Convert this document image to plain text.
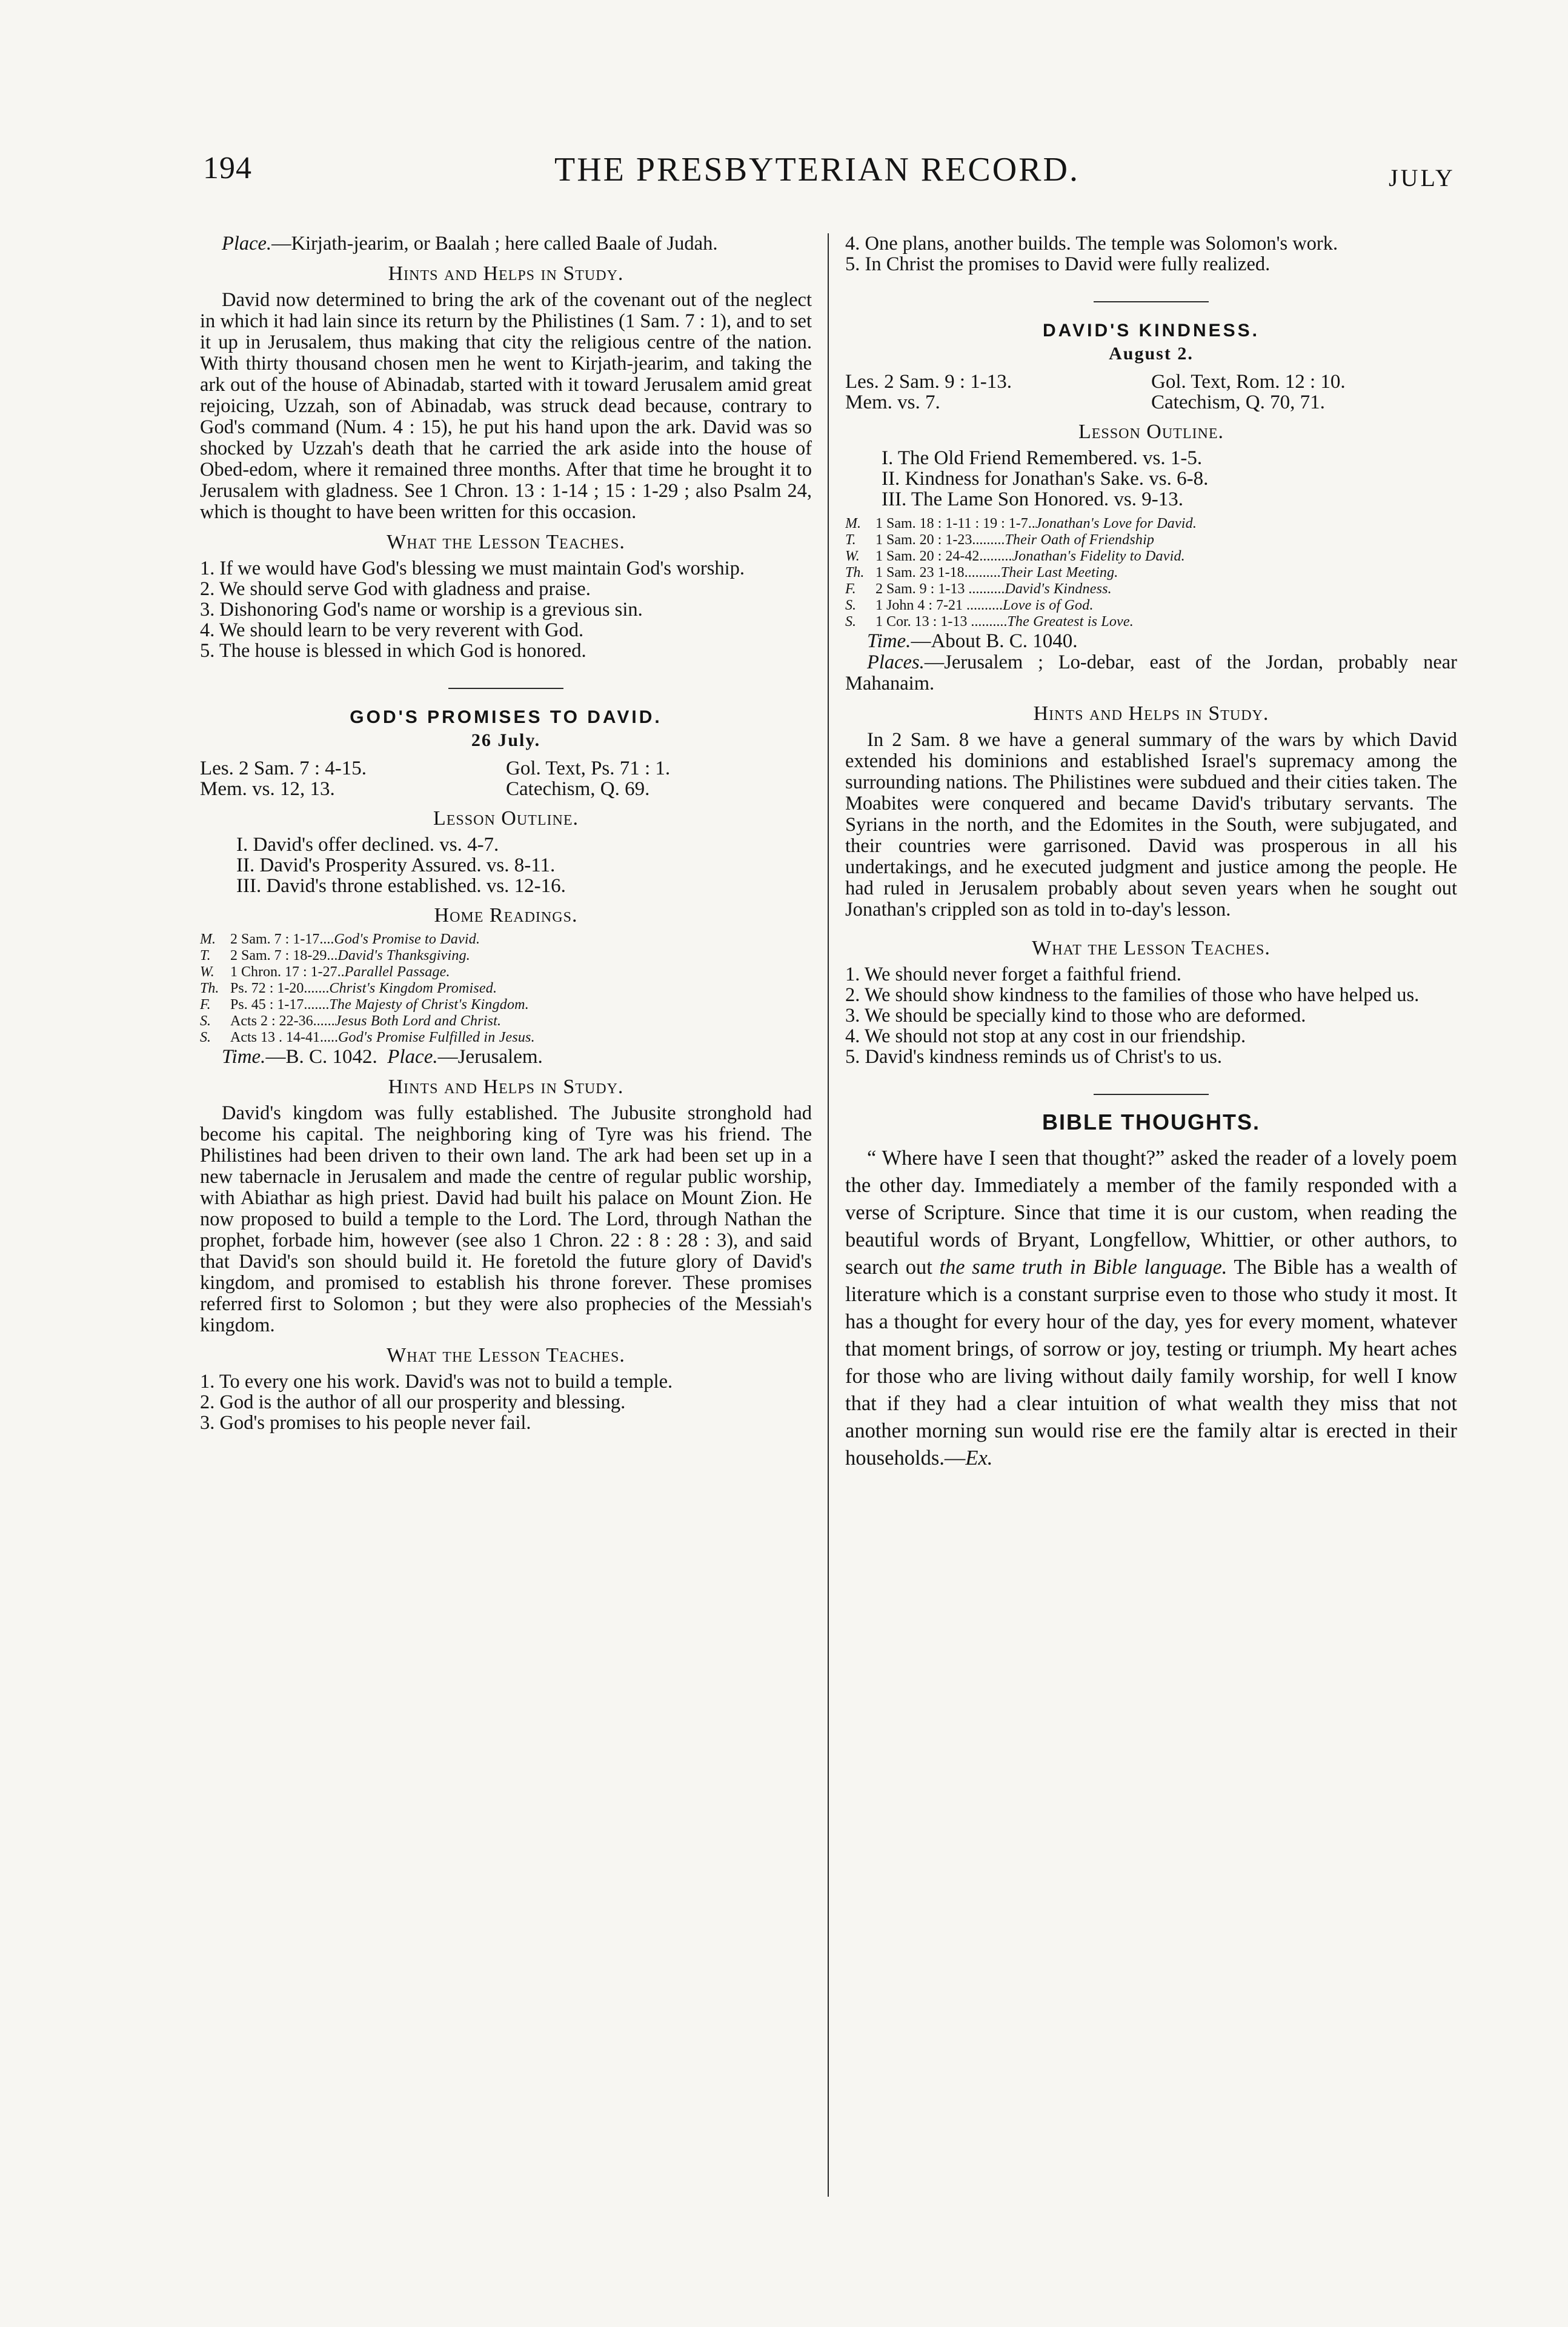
194	THE PRESBYTERIAN RECORD.	JULY

Place.—Kirjath-jearim, or Baalah ; here called Baale of Judah.

Hints and Helps in Study.

David now determined to bring the ark of the covenant out of the neglect in which it had lain since its return by the Philistines (1 Sam. 7 : 1), and to set it up in Jerusalem, thus making that city the religious centre of the nation. With thirty thousand chosen men he went to Kirjath-jearim, and taking the ark out of the house of Abinadab, started with it toward Jerusalem amid great rejoicing, Uzzah, son of Abinadab, was struck dead because, contrary to God's command (Num. 4 : 15), he put his hand upon the ark. David was so shocked by Uzzah's death that he carried the ark aside into the house of Obed-edom, where it remained three months. After that time he brought it to Jerusalem with gladness. See 1 Chron. 13 : 1-14 ; 15 : 1-29 ; also Psalm 24, which is thought to have been written for this occasion.

What the Lesson Teaches.

1. If we would have God's blessing we must maintain God's worship.

2. We should serve God with gladness and praise.

3. Dishonoring God's name or worship is a grevious sin.

4. We should learn to be very reverent with God.

5. The house is blessed in which God is honored.

GOD'S PROMISES TO DAVID.
26 July.
Les. 2 Sam. 7 : 4-15.	Gol. Text, Ps. 71 : 1.
Mem. vs. 12, 13.	Catechism, Q. 69.
Lesson Outline.

I. David's offer declined. vs. 4-7.

II. David's Prosperity Assured. vs. 8-11.

III. David's throne established. vs. 12-16.

Home Readings.
M.	2 Sam. 7 : 1-17....God's Promise to David.
T.	2 Sam. 7 : 18-29...David's Thanksgiving.
W.	1 Chron. 17 : 1-27..Parallel Passage.
Th. Ps. 72 : 1-20.......Christ's Kingdom Promised.
F.	Ps. 45 : 1-17.......The Majesty of Christ's Kingdom.
S.	Acts 2 : 22-36......Jesus Both Lord and Christ.
S.	Acts 13 . 14-41.....God's Promise Fulfilled in Jesus.

Time.—B. C. 1042. Place.—Jerusalem.

Hints and Helps in Study.

David's kingdom was fully established. The Jubusite stronghold had become his capital. The neighboring king of Tyre was his friend. The Philistines had been driven to their own land. The ark had been set up in a new tabernacle in Jerusalem and made the centre of regular public worship, with Abiathar as high priest. David had built his palace on Mount Zion. He now proposed to build a temple to the Lord. The Lord, through Nathan the prophet, forbade him, however (see also 1 Chron. 22 : 8 : 28 : 3), and said that David's son should build it. He foretold the future glory of David's kingdom, and promised to establish his throne forever. These promises referred first to Solomon ; but they were also prophecies of the Messiah's kingdom.

What the Lesson Teaches.

1. To every one his work. David's was not to build a temple.

2. God is the author of all our prosperity and blessing.

3. God's promises to his people never fail.

4. One plans, another builds. The temple was Solomon's work.

5. In Christ the promises to David were fully realized.

DAVID'S KINDNESS.
August 2.
Les. 2 Sam. 9 : 1-13.	Gol. Text, Rom. 12 : 10.
Mem. vs. 7.	Catechism, Q. 70, 71.
Lesson Outline.

I. The Old Friend Remembered. vs. 1-5.

II. Kindness for Jonathan's Sake. vs. 6-8.

III. The Lame Son Honored. vs. 9-13.

M.	1 Sam. 18 : 1-11 : 19 : 1-7..Jonathan's Love for David.
T.	1 Sam. 20 : 1-23.........Their Oath of Friendship
W.	1 Sam. 20 : 24-42.........Jonathan's Fidelity to David.
Th. 1 Sam. 23 1-18..........Their Last Meeting.
F.	2 Sam. 9 : 1-13 ..........David's Kindness.
S.	1 John 4 : 7-21 ..........Love is of God.
S.	1 Cor. 13 : 1-13 ..........The Greatest is Love.

Time.—About B. C. 1040.

Places.—Jerusalem ; Lo-debar, east of the Jordan, probably near Mahanaim.

Hints and Helps in Study.

In 2 Sam. 8 we have a general summary of the wars by which David extended his dominions and established Israel's supremacy among the surrounding nations. The Philistines were subdued and their cities taken. The Moabites were conquered and became David's tributary servants. The Syrians in the north, and the Edomites in the South, were subjugated, and their countries were garrisoned. David was prosperous in all his undertakings, and he executed judgment and justice among the people. He had ruled in Jerusalem probably about seven years when he sought out Jonathan's crippled son as told in to-day's lesson.

What the Lesson Teaches.

1. We should never forget a faithful friend.

2. We should show kindness to the families of those who have helped us.

3. We should be specially kind to those who are deformed.

4. We should not stop at any cost in our friendship.

5. David's kindness reminds us of Christ's to us.

BIBLE THOUGHTS.

“ Where have I seen that thought?” asked the reader of a lovely poem the other day. Immediately a member of the family responded with a verse of Scripture. Since that time it is our custom, when reading the beautiful words of Bryant, Longfellow, Whittier, or other authors, to search out the same truth in Bible language. The Bible has a wealth of literature which is a constant surprise even to those who study it most. It has a thought for every hour of the day, yes for every moment, whatever that moment brings, of sorrow or joy, testing or triumph. My heart aches for those who are living without daily family worship, for well I know that if they had a clear intuition of what wealth they miss that not another morning sun would rise ere the family altar is erected in their households.—Ex.
